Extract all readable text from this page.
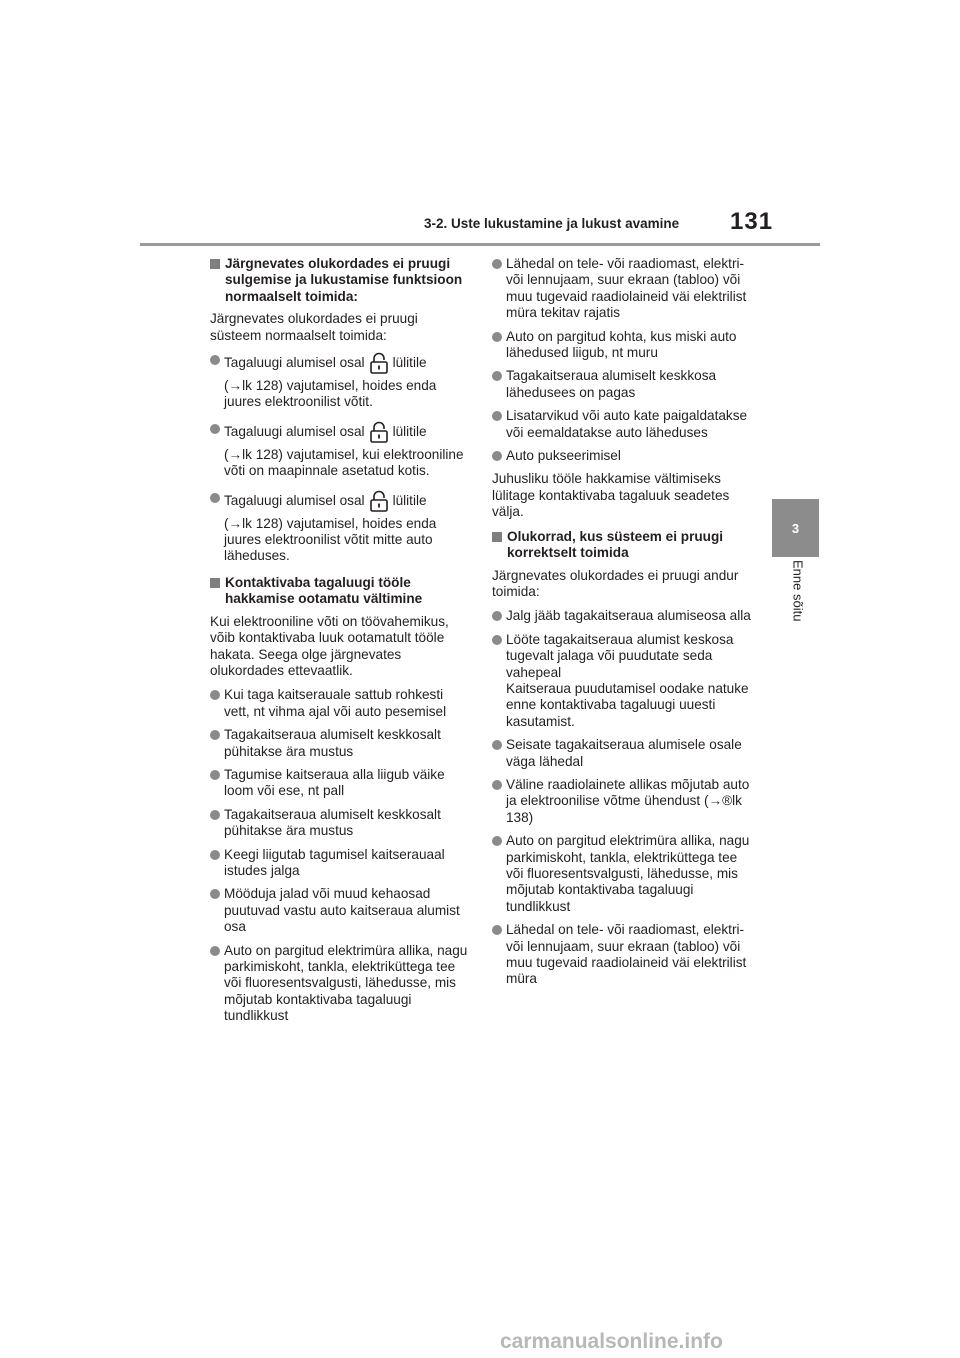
3-2. Uste lukustamine ja lukust avamine 131
3
Enne sõitu
Järgnevates olukordades ei pruugi sulgemise ja lukustamise funktsioon normaalselt toimida:

Järgnevates olukordades ei pruugi süsteem normaalselt toimida:

Tagaluugi alumisel osal lülitile
(→lk 128) vajutamisel, hoides enda juures elektroonilist võtit.
Tagaluugi alumisel osal lülitile
(→lk 128) vajutamisel, kui elektrooniline võti on maapinnale asetatud kotis.
Tagaluugi alumisel osal lülitile
(→lk 128) vajutamisel, hoides enda juures elektroonilist võtit mitte auto läheduses.
Kontaktivaba tagaluugi tööle hakkamise ootamatu vältimine

Kui elektrooniline võti on töövahemikus, võib kontaktivaba luuk ootamatult tööle hakata. Seega olge järgnevates olukordades ettevaatlik.

Kui taga kaitserauale sattub rohkesti vett, nt vihma ajal või auto pesemisel
Tagakaitseraua alumiselt keskkosalt pühitakse ära mustus
Tagumise kaitseraua alla liigub väike loom või ese, nt pall
Tagakaitseraua alumiselt keskkosalt pühitakse ära mustus
Keegi liigutab tagumisel kaitserauaal istudes jalga
Mööduja jalad või muud kehaosad puutuvad vastu auto kaitseraua alumist osa
Auto on pargitud elektrimüra allika, nagu parkimiskoht, tankla, elektriküttega tee või fluoresentsvalgusti, lähedusse, mis mõjutab kontaktivaba tagaluugi tundlikkust
Lähedal on tele- või raadiomast, elektri- või lennujaam, suur ekraan (tabloo) või muu tugevaid raadiolaineid väi elektrilist müra tekitav rajatis
Auto on pargitud kohta, kus miski auto lähedused liigub, nt muru
Tagakaitseraua alumiselt keskkosa lähedusees on pagas
Lisatarvikud või auto kate paigaldatakse või eemaldatakse auto läheduses
Auto pukseerimisel

Juhusliku tööle hakkamise vältimiseks lülitage kontaktivaba tagaluuk seadetes välja.

Olukorrad, kus süsteem ei pruugi korrektselt toimida

Järgnevates olukordades ei pruugi andur toimida:

Jalg jääb tagakaitseraua alumiseosa alla
Lööte tagakaitseraua alumist keskosa tugevalt jalaga või puudutate seda vahepeal
Kaitseraua puudutamisel oodake natuke enne kontaktivaba tagaluugi uuesti kasutamist.
Seisate tagakaitseraua alumisele osale väga lähedal
Väline raadiolainete allikas mõjutab auto ja elektroonilise võtme ühendust (→®lk 138)
Auto on pargitud elektrimüra allika, nagu parkimiskoht, tankla, elektriküttega tee või fluoresentsvalgusti, lähedusse, mis mõjutab kontaktivaba tagaluugi tundlikkust
Lähedal on tele- või raadiomast, elektri- või lennujaam, suur ekraan (tabloo) või muu tugevaid raadiolaineid väi elektrilist müra
carmanualsonline.info
